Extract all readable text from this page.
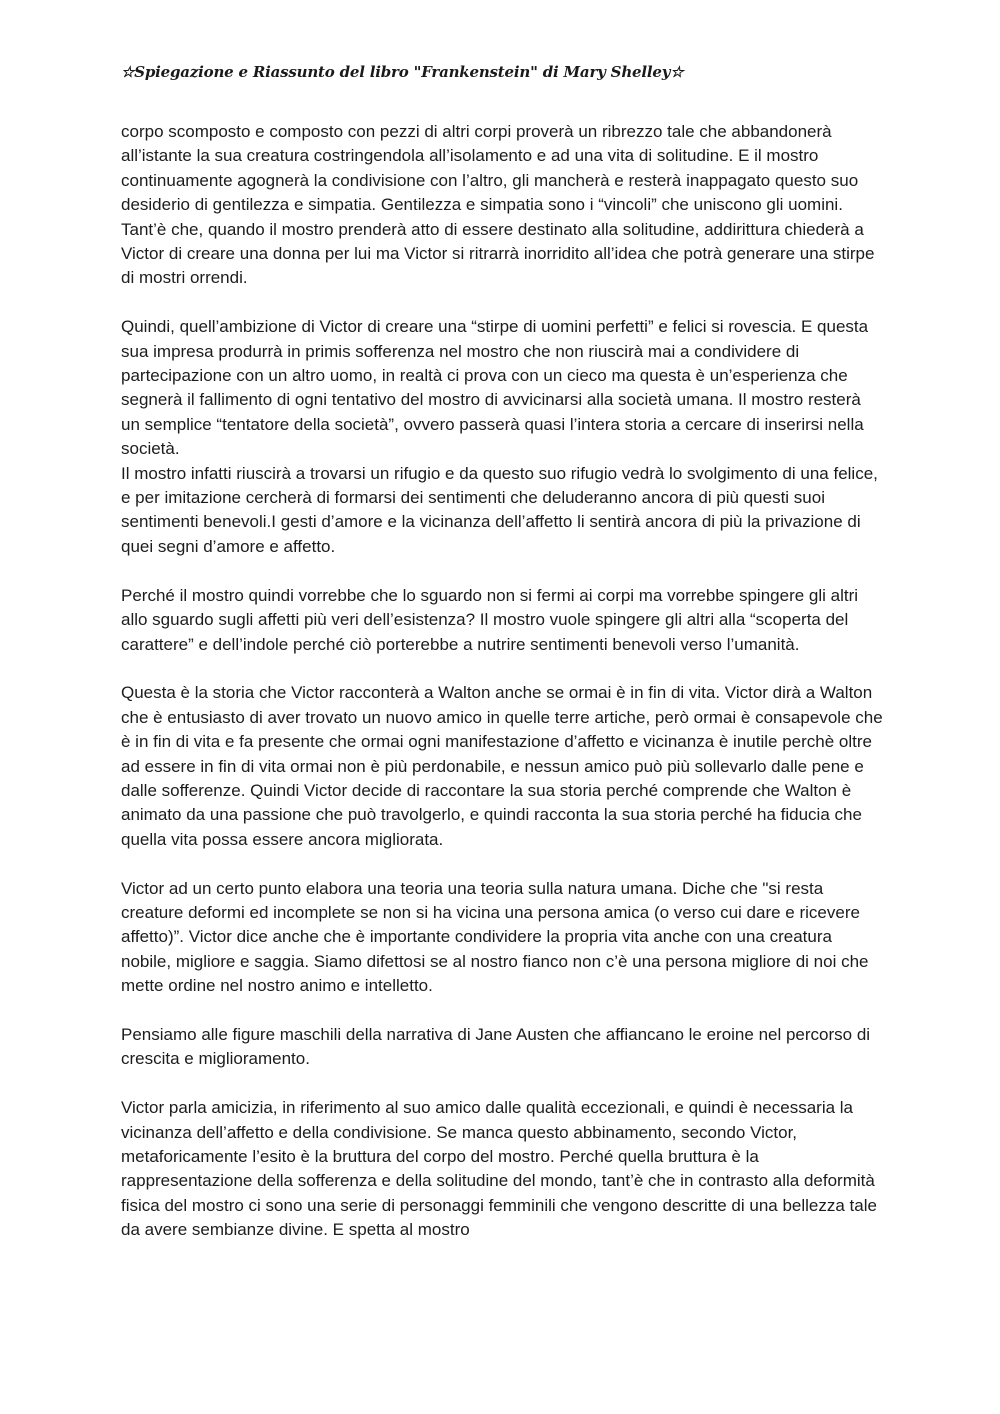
☆Spiegazione e Riassunto del libro "Frankenstein" di Mary Shelley☆

corpo scomposto e composto con pezzi di altri corpi proverà un ribrezzo tale che abbandonerà all’istante la sua creatura costringendola all’isolamento e ad una vita di solitudine. E il mostro continuamente agognerà la condivisione con l’altro, gli mancherà e resterà inappagato questo suo desiderio di gentilezza e simpatia. Gentilezza e simpatia sono i “vincoli” che uniscono gli uomini. Tant’è che, quando il mostro prenderà atto di essere destinato alla solitudine, addirittura chiederà a Victor di creare una donna per lui ma Victor si ritrarrà inorridito all’idea che potrà generare una stirpe di mostri orrendi.

Quindi, quell’ambizione di Victor di creare una “stirpe di uomini perfetti” e felici si rovescia. E questa sua impresa produrrà in primis sofferenza nel mostro che non riuscirà mai a condividere di partecipazione con un altro uomo, in realtà ci prova con un cieco ma questa è un’esperienza che segnerà il fallimento di ogni tentativo del mostro di avvicinarsi alla società umana. Il mostro resterà un semplice “tentatore della società”, ovvero passerà quasi l’intera storia a cercare di inserirsi nella società.

Il mostro infatti riuscirà a trovarsi un rifugio e da questo suo rifugio vedrà lo svolgimento di una felice, e per imitazione cercherà di formarsi dei sentimenti che deluderanno ancora di più questi suoi sentimenti benevoli.I gesti d’amore e la vicinanza dell’affetto li sentirà ancora di più la privazione di quei segni d’amore e affetto.

Perché il mostro quindi vorrebbe che lo sguardo non si fermi ai corpi ma vorrebbe spingere gli altri allo sguardo sugli affetti più veri dell’esistenza? Il mostro vuole spingere gli altri alla “scoperta del carattere” e dell’indole perché ciò porterebbe a nutrire sentimenti benevoli verso l’umanità.

Questa è la storia che Victor racconterà a Walton anche se ormai è in fin di vita. Victor dirà a Walton che è entusiasto di aver trovato un nuovo amico in quelle terre artiche, però ormai è consapevole che è in fin di vita e fa presente che ormai ogni manifestazione d’affetto e vicinanza è inutile perchè oltre ad essere in fin di vita ormai non è più perdonabile, e nessun amico può più sollevarlo dalle pene e dalle sofferenze. Quindi Victor decide di raccontare la sua storia perché comprende che Walton è animato da una passione che può travolgerlo, e quindi racconta la sua storia perché ha fiducia che quella vita possa essere ancora migliorata.

Victor ad un certo punto elabora una teoria una teoria sulla natura umana. Diche che "si resta creature deformi ed incomplete se non si ha vicina una persona amica (o verso cui dare e ricevere affetto)”. Victor dice anche che è importante condividere la propria vita anche con una creatura nobile, migliore e saggia. Siamo difettosi se al nostro fianco non c’è una persona migliore di noi che mette ordine nel nostro animo e intelletto.

Pensiamo alle figure maschili della narrativa di Jane Austen che affiancano le eroine nel percorso di crescita e miglioramento.

Victor parla amicizia, in riferimento al suo amico dalle qualità eccezionali, e quindi è necessaria la vicinanza dell’affetto e della condivisione. Se manca questo abbinamento, secondo Victor, metaforicamente l’esito è la bruttura del corpo del mostro. Perché quella bruttura è la rappresentazione della sofferenza e della solitudine del mondo, tant’è che in contrasto alla deformità fisica del mostro ci sono una serie di personaggi femminili che vengono descritte di una bellezza tale da avere sembianze divine. E spetta al mostro
